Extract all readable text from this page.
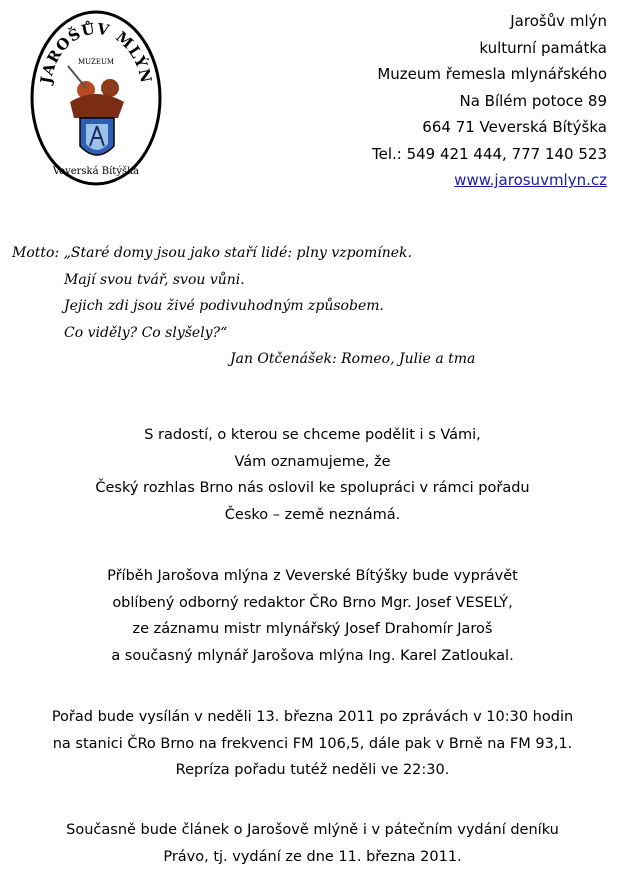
JAROŠŮV MLÝN
MUZEUM
Veverská Bítýška
Jarošův mlýn
kulturní památka
Muzeum řemesla mlynářského
Na Bílém potoce 89
664 71 Veverská Bítýška
Tel.: 549 421 444, 777 140 523
www.jarosuvmlyn.cz
Motto: „Staré domy jsou jako staří lidé: plny vzpomínek.
Mají svou tvář, svou vůni.
Jejich zdi jsou živé podivuhodným způsobem.
Co viděly? Co slyšely?“
Jan Otčenášek: Romeo, Julie a tma
S radostí, o kterou se chceme podělit i s Vámi,
Vám oznamujeme, že
Český rozhlas Brno nás oslovil ke spolupráci v rámci pořadu
Česko – země neznámá.
Příběh Jarošova mlýna z Veverské Bítýšky bude vyprávět
oblíbený odborný redaktor ČRo Brno Mgr. Josef VESELÝ,
ze záznamu mistr mlynářský Josef Drahomír Jaroš
a současný mlynář Jarošova mlýna Ing. Karel Zatloukal.
Pořad bude vysílán v neděli 13. března 2011 po zprávách v 10:30 hodin
na stanici ČRo Brno na frekvenci FM 106,5, dále pak v Brně na FM 93,1.
Repríza pořadu tutéž neděli ve 22:30.
Současně bude článek o Jarošově mlýně i v pátečním vydání deníku
Právo, tj. vydání ze dne 11. března 2011.
